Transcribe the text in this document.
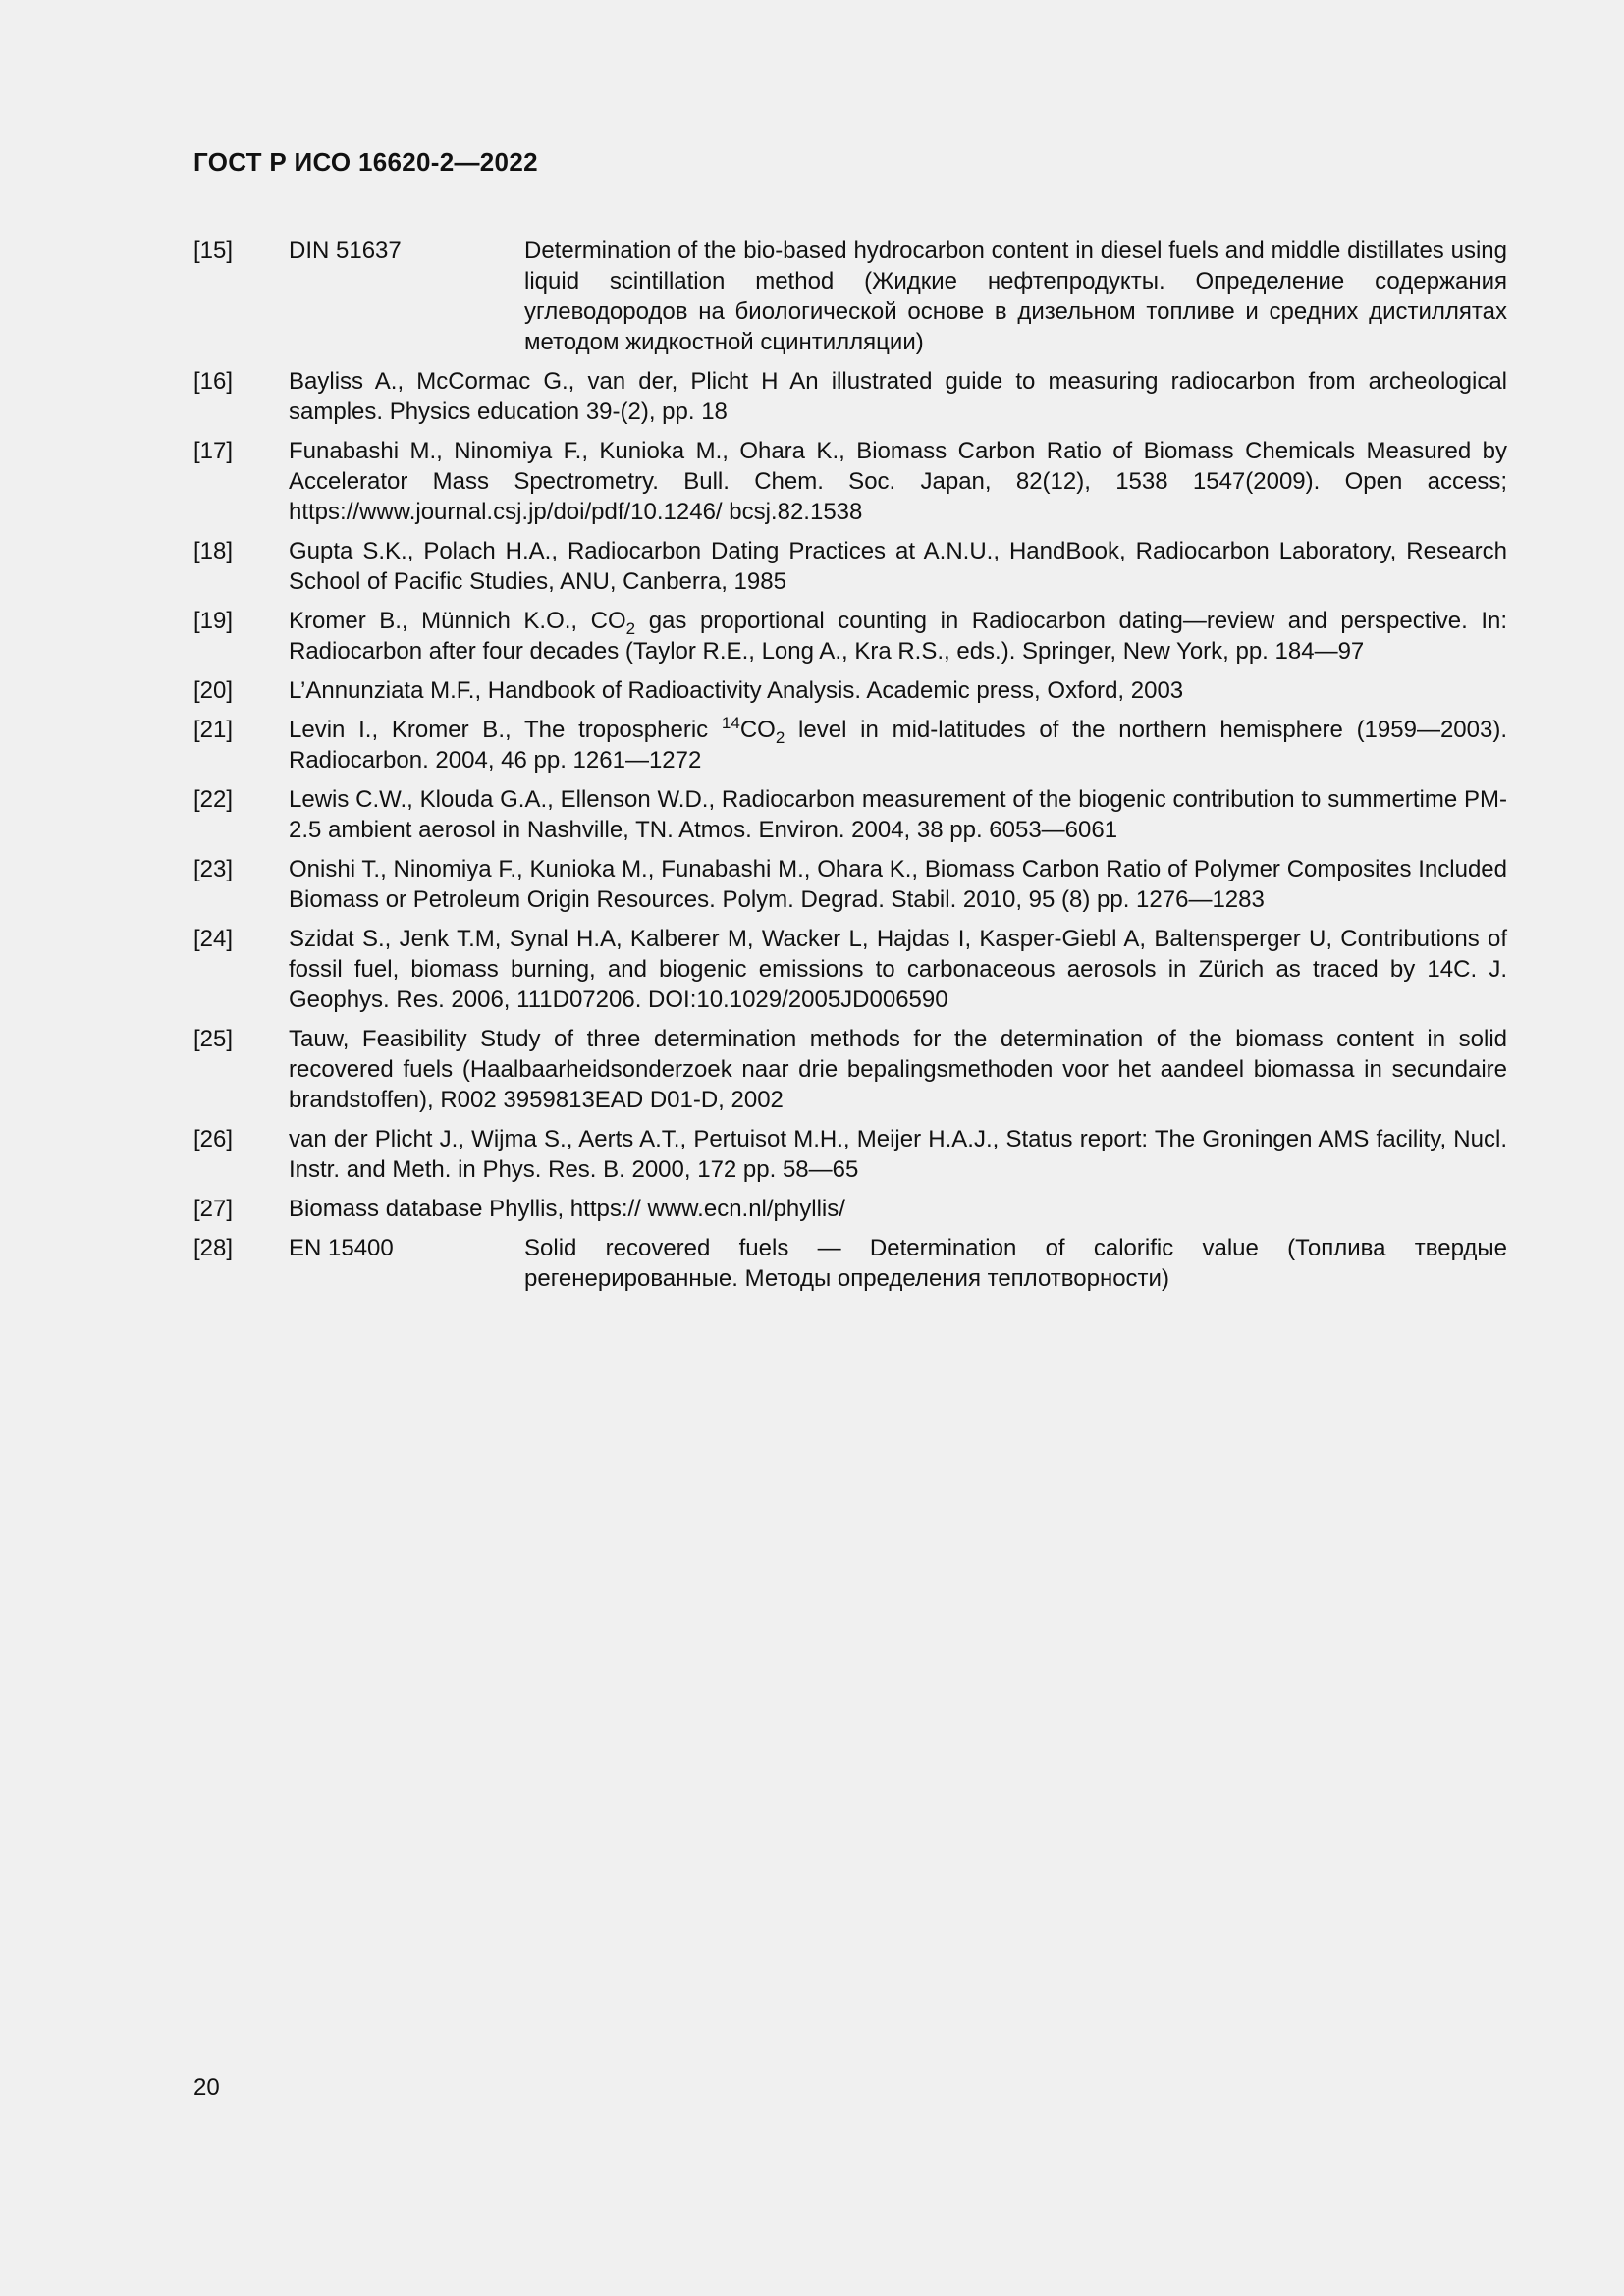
ГОСТ Р ИСО 16620-2—2022
[15]	DIN 51637	Determination of the bio-based hydrocarbon content in diesel fuels and middle distillates using liquid scintillation method (Жидкие нефтепродукты. Определение содержания углеводородов на биологической основе в дизельном топливе и средних дистиллятах методом жидкостной сцинтилляции)
[16]	Bayliss A., McCormac G., van der, Plicht H An illustrated guide to measuring radiocarbon from archeological samples. Physics education 39-(2), pp. 18
[17]	Funabashi M., Ninomiya F., Kunioka M., Ohara K., Biomass Carbon Ratio of Biomass Chemicals Measured by Accelerator Mass Spectrometry. Bull. Chem. Soc. Japan, 82(12), 1538 1547(2009). Open access; https://www.journal.csj.jp/doi/pdf/10.1246/ bcsj.82.1538
[18]	Gupta S.K., Polach H.A., Radiocarbon Dating Practices at A.N.U., HandBook, Radiocarbon Laboratory, Research School of Pacific Studies, ANU, Canberra, 1985
[19]	Kromer B., Münnich K.O., $CO_2$ gas proportional counting in Radiocarbon dating—review and perspective. In: Radiocarbon after four decades (Taylor R.E., Long A., Kra R.S., eds.). Springer, New York, pp. 184—97
[20]	L’Annunziata M.F., Handbook of Radioactivity Analysis. Academic press, Oxford, 2003
[21]	Levin I., Kromer B., The tropospheric $^{14}CO_2$ level in mid-latitudes of the northern hemisphere (1959—2003). Radiocarbon. 2004, 46 pp. 1261—1272
[22]	Lewis C.W., Klouda G.A., Ellenson W.D., Radiocarbon measurement of the biogenic contribution to summertime PM-2.5 ambient aerosol in Nashville, TN. Atmos. Environ. 2004, 38 pp. 6053—6061
[23]	Onishi T., Ninomiya F., Kunioka M., Funabashi M., Ohara K., Biomass Carbon Ratio of Polymer Composites Included Biomass or Petroleum Origin Resources. Polym. Degrad. Stabil. 2010, 95 (8) pp. 1276—1283
[24]	Szidat S., Jenk T.M, Synal H.A, Kalberer M, Wacker L, Hajdas I, Kasper-Giebl A, Baltensperger U, Contributions of fossil fuel, biomass burning, and biogenic emissions to carbonaceous aerosols in Zürich as traced by 14C. J. Geophys. Res. 2006, 111D07206. DOI:10.1029/2005JD006590
[25]	Tauw, Feasibility Study of three determination methods for the determination of the biomass content in solid recovered fuels (Haalbaarheidsonderzoek naar drie bepalingsmethoden voor het aandeel biomassa in secundaire brandstoffen), R002 3959813EAD D01-D, 2002
[26]	van der Plicht J., Wijma S., Aerts A.T., Pertuisot M.H., Meijer H.A.J., Status report: The Groningen AMS facility, Nucl. Instr. and Meth. in Phys. Res. B. 2000, 172 pp. 58—65
[27]	Biomass database Phyllis, https:// www.ecn.nl/phyllis/
[28]	EN 15400	Solid recovered fuels — Determination of calorific value (Топлива твердые регенерированные. Методы определения теплотворности)
20
